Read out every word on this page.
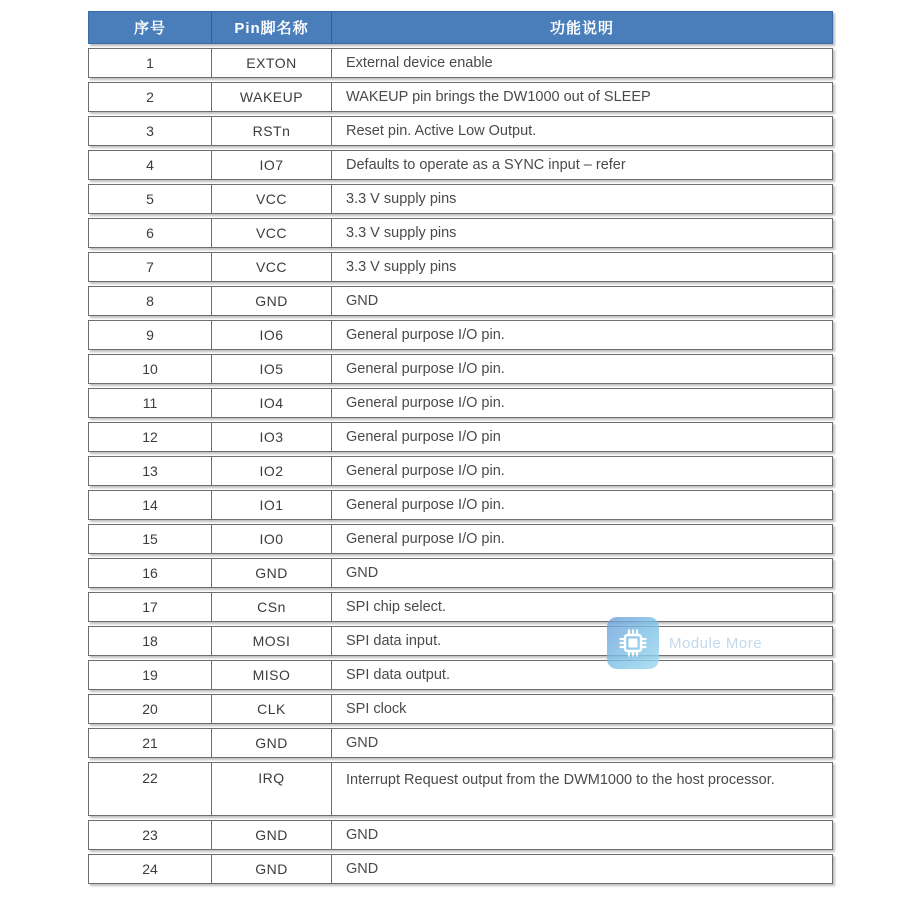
序号	Pin脚名称	功能说明
1	EXTON	External device enable
2	WAKEUP	WAKEUP pin brings the DW1000 out of SLEEP
3	RSTn	Reset pin. Active Low Output.
4	IO7	Defaults to operate as a SYNC input – refer
5	VCC	3.3 V supply pins
6	VCC	3.3 V supply pins
7	VCC	3.3 V supply pins
8	GND	GND
9	IO6	General purpose I/O pin.
10	IO5	General purpose I/O pin.
11	IO4	General purpose I/O pin.
12	IO3	General purpose I/O pin
13	IO2	General purpose I/O pin.
14	IO1	General purpose I/O pin.
15	IO0	General purpose I/O pin.
16	GND	GND
17	CSn	SPI chip select.
18	MOSI	SPI data input.
19	MISO	SPI data output.
20	CLK	SPI clock
21	GND	GND
22	IRQ	Interrupt Request output from the DWM1000 to the host processor.
23	GND	GND
24	GND	GND
Module More
